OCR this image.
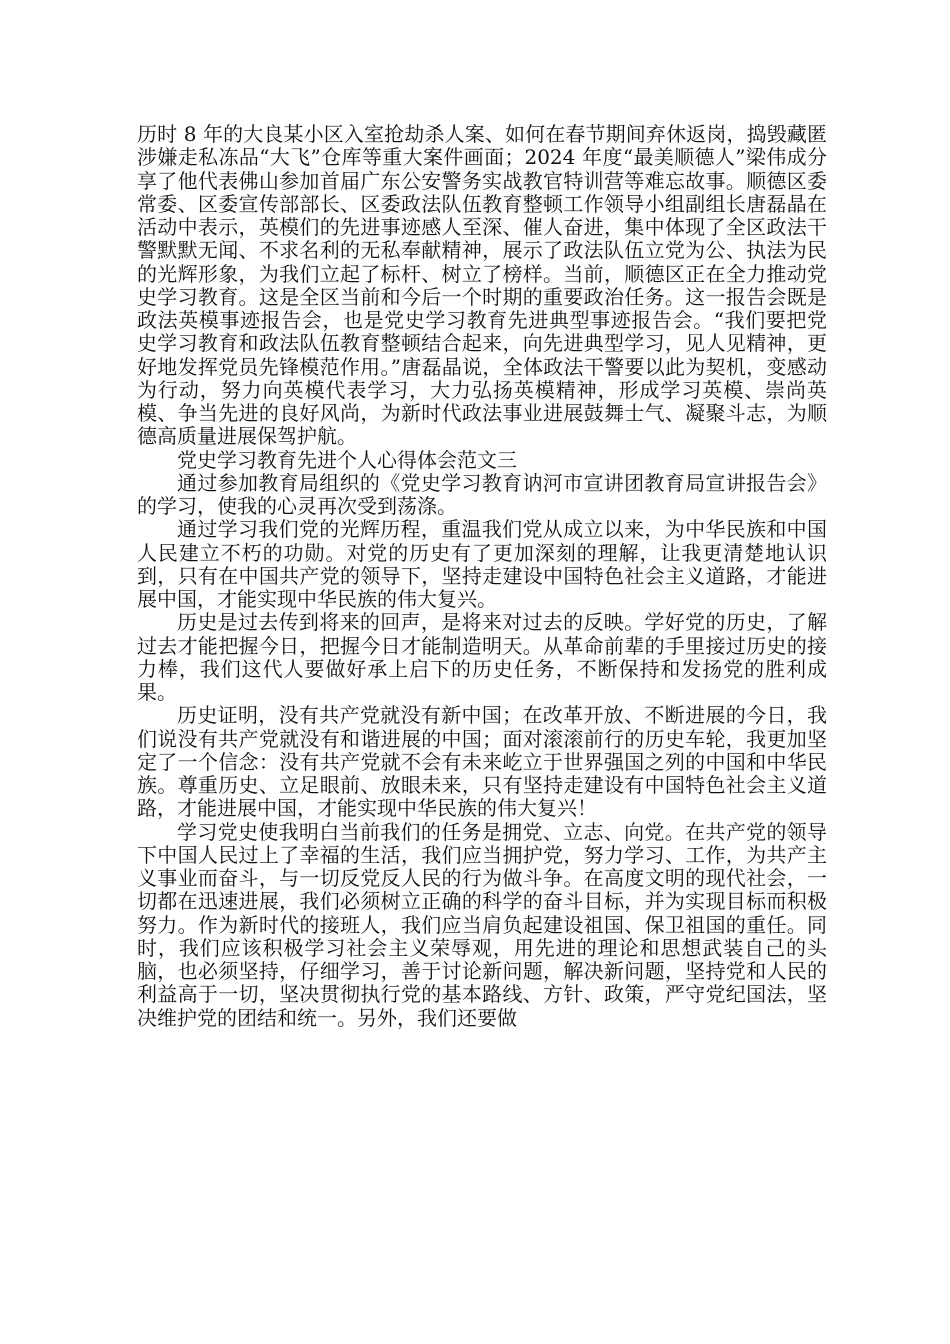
历时 8 年的大良某小区入室抢劫杀人案、如何在春节期间弃休返岗，捣毁藏匿涉嫌走私冻品“大飞”仓库等重大案件画面；2024 年度“最美顺德人”梁伟成分享了他代表佛山参加首届广东公安警务实战教官特训营等难忘故事。顺德区委常委、区委宣传部部长、区委政法队伍教育整顿工作领导小组副组长唐磊晶在活动中表示，英模们的先进事迹感人至深、催人奋进，集中体现了全区政法干警默默无闻、不求名利的无私奉献精神，展示了政法队伍立党为公、执法为民的光辉形象，为我们立起了标杆、树立了榜样。当前，顺德区正在全力推动党史学习教育。这是全区当前和今后一个时期的重要政治任务。这一报告会既是政法英模事迹报告会，也是党史学习教育先进典型事迹报告会。“我们要把党史学习教育和政法队伍教育整顿结合起来，向先进典型学习，见人见精神，更好地发挥党员先锋模范作用。”唐磊晶说，全体政法干警要以此为契机，变感动为行动，努力向英模代表学习，大力弘扬英模精神，形成学习英模、崇尚英模、争当先进的良好风尚，为新时代政法事业进展鼓舞士气、凝聚斗志，为顺德高质量进展保驾护航。

党史学习教育先进个人心得体会范文三

通过参加教育局组织的《党史学习教育讷河市宣讲团教育局宣讲报告会》的学习，使我的心灵再次受到荡涤。

通过学习我们党的光辉历程，重温我们党从成立以来，为中华民族和中国人民建立不朽的功勋。对党的历史有了更加深刻的理解，让我更清楚地认识到，只有在中国共产党的领导下，坚持走建设中国特色社会主义道路，才能进展中国，才能实现中华民族的伟大复兴。

历史是过去传到将来的回声，是将来对过去的反映。学好党的历史，了解过去才能把握今日，把握今日才能制造明天。从革命前辈的手里接过历史的接力棒，我们这代人要做好承上启下的历史任务，不断保持和发扬党的胜利成果。

历史证明，没有共产党就没有新中国；在改革开放、不断进展的今日，我们说没有共产党就没有和谐进展的中国；面对滚滚前行的历史车轮，我更加坚定了一个信念：没有共产党就不会有未来屹立于世界强国之列的中国和中华民族。尊重历史、立足眼前、放眼未来，只有坚持走建设有中国特色社会主义道路，才能进展中国，才能实现中华民族的伟大复兴！

学习党史使我明白当前我们的任务是拥党、立志、向党。在共产党的领导下中国人民过上了幸福的生活，我们应当拥护党，努力学习、工作，为共产主义事业而奋斗，与一切反党反人民的行为做斗争。在高度文明的现代社会，一切都在迅速进展，我们必须树立正确的科学的奋斗目标，并为实现目标而积极努力。作为新时代的接班人，我们应当肩负起建设祖国、保卫祖国的重任。同时，我们应该积极学习社会主义荣辱观，用先进的理论和思想武装自己的头脑，也必须坚持，仔细学习，善于讨论新问题，解决新问题，坚持党和人民的利益高于一切，坚决贯彻执行党的基本路线、方针、政策，严守党纪国法，坚决维护党的团结和统一。另外，我们还要做
